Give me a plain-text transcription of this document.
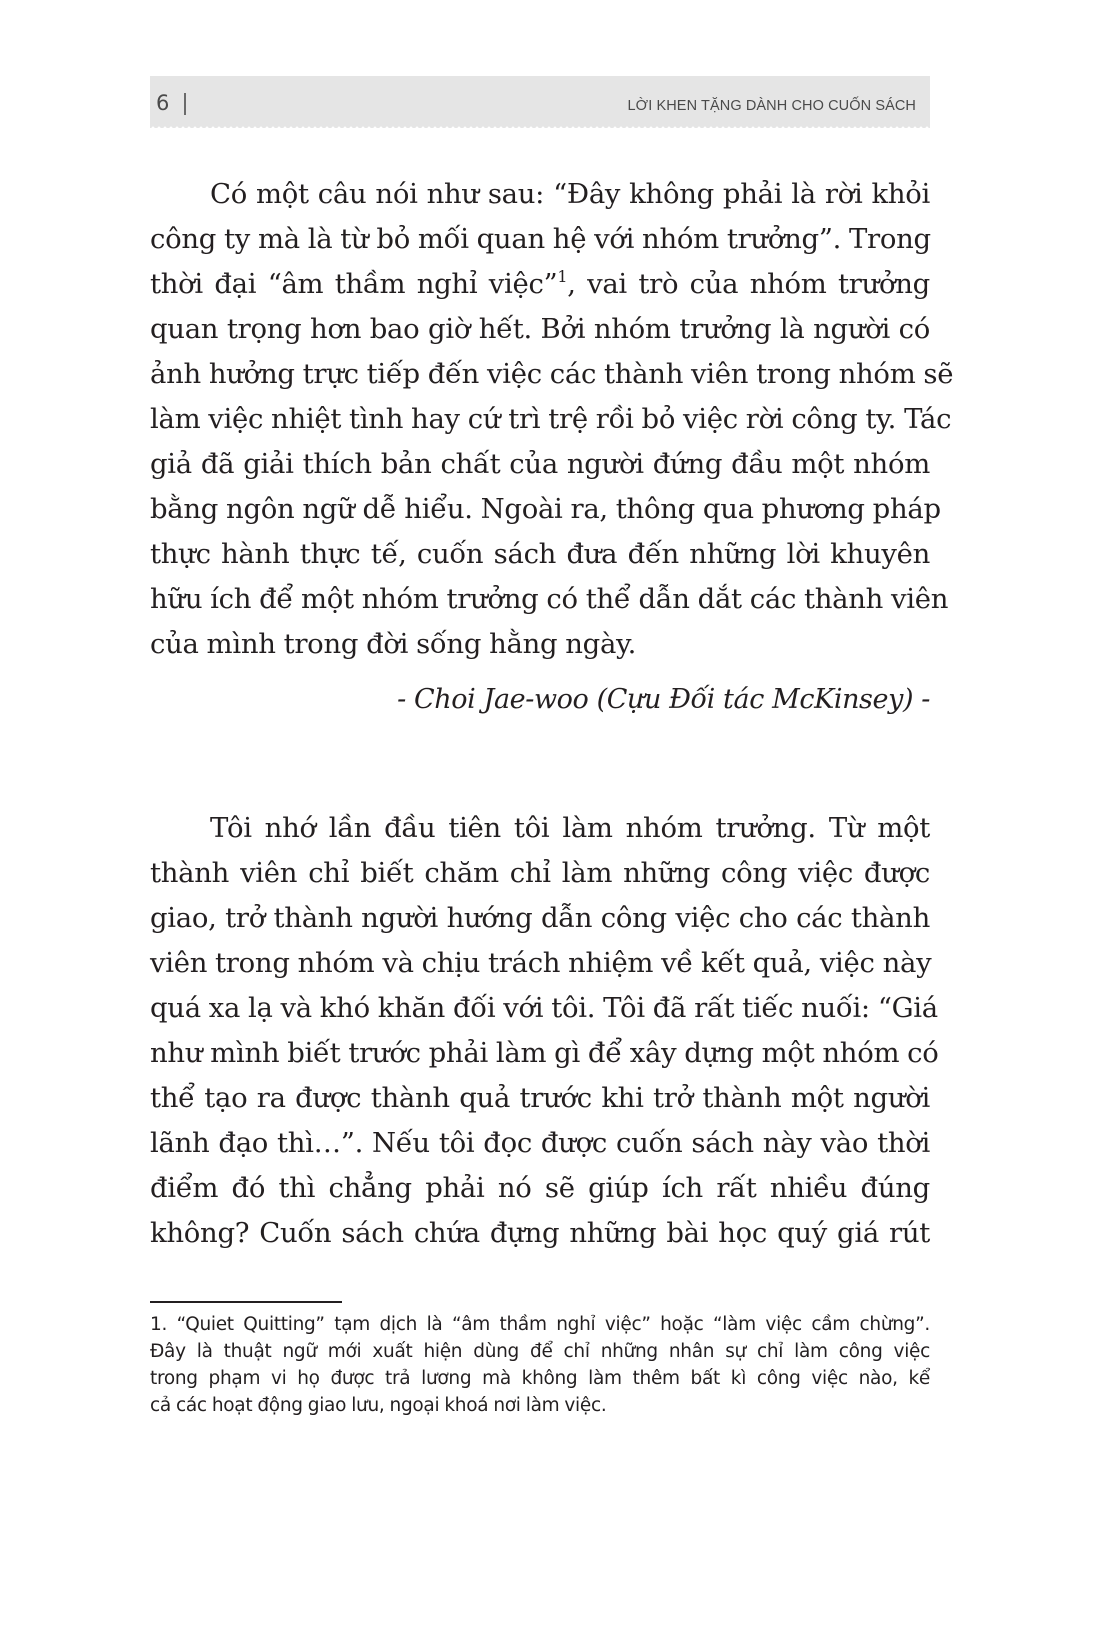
6	LỜI KHEN TẶNG DÀNH CHO CUỐN SÁCH
Có một câu nói như sau: “Đây không phải là rời khỏi
công ty mà là từ bỏ mối quan hệ với nhóm trưởng”. Trong
thời đại “âm thầm nghỉ việc”$^1$, vai trò của nhóm trưởng
quan trọng hơn bao giờ hết. Bởi nhóm trưởng là người có
ảnh hưởng trực tiếp đến việc các thành viên trong nhóm sẽ
làm việc nhiệt tình hay cứ trì trệ rồi bỏ việc rời công ty. Tác
giả đã giải thích bản chất của người đứng đầu một nhóm
bằng ngôn ngữ dễ hiểu. Ngoài ra, thông qua phương pháp
thực hành thực tế, cuốn sách đưa đến những lời khuyên
hữu ích để một nhóm trưởng có thể dẫn dắt các thành viên
của mình trong đời sống hằng ngày.
- Choi Jae-woo (Cựu Đối tác McKinsey) -
Tôi nhớ lần đầu tiên tôi làm nhóm trưởng. Từ một
thành viên chỉ biết chăm chỉ làm những công việc được
giao, trở thành người hướng dẫn công việc cho các thành
viên trong nhóm và chịu trách nhiệm về kết quả, việc này
quá xa lạ và khó khăn đối với tôi. Tôi đã rất tiếc nuối: “Giá
như mình biết trước phải làm gì để xây dựng một nhóm có
thể tạo ra được thành quả trước khi trở thành một người
lãnh đạo thì…”. Nếu tôi đọc được cuốn sách này vào thời
điểm đó thì chẳng phải nó sẽ giúp ích rất nhiều đúng
không? Cuốn sách chứa đựng những bài học quý giá rút
1. “Quiet Quitting” tạm dịch là “âm thầm nghỉ việc” hoặc “làm việc cầm chừng”.
Đây là thuật ngữ mới xuất hiện dùng để chỉ những nhân sự chỉ làm công việc
trong phạm vi họ được trả lương mà không làm thêm bất kì công việc nào, kể
cả các hoạt động giao lưu, ngoại khoá nơi làm việc.
